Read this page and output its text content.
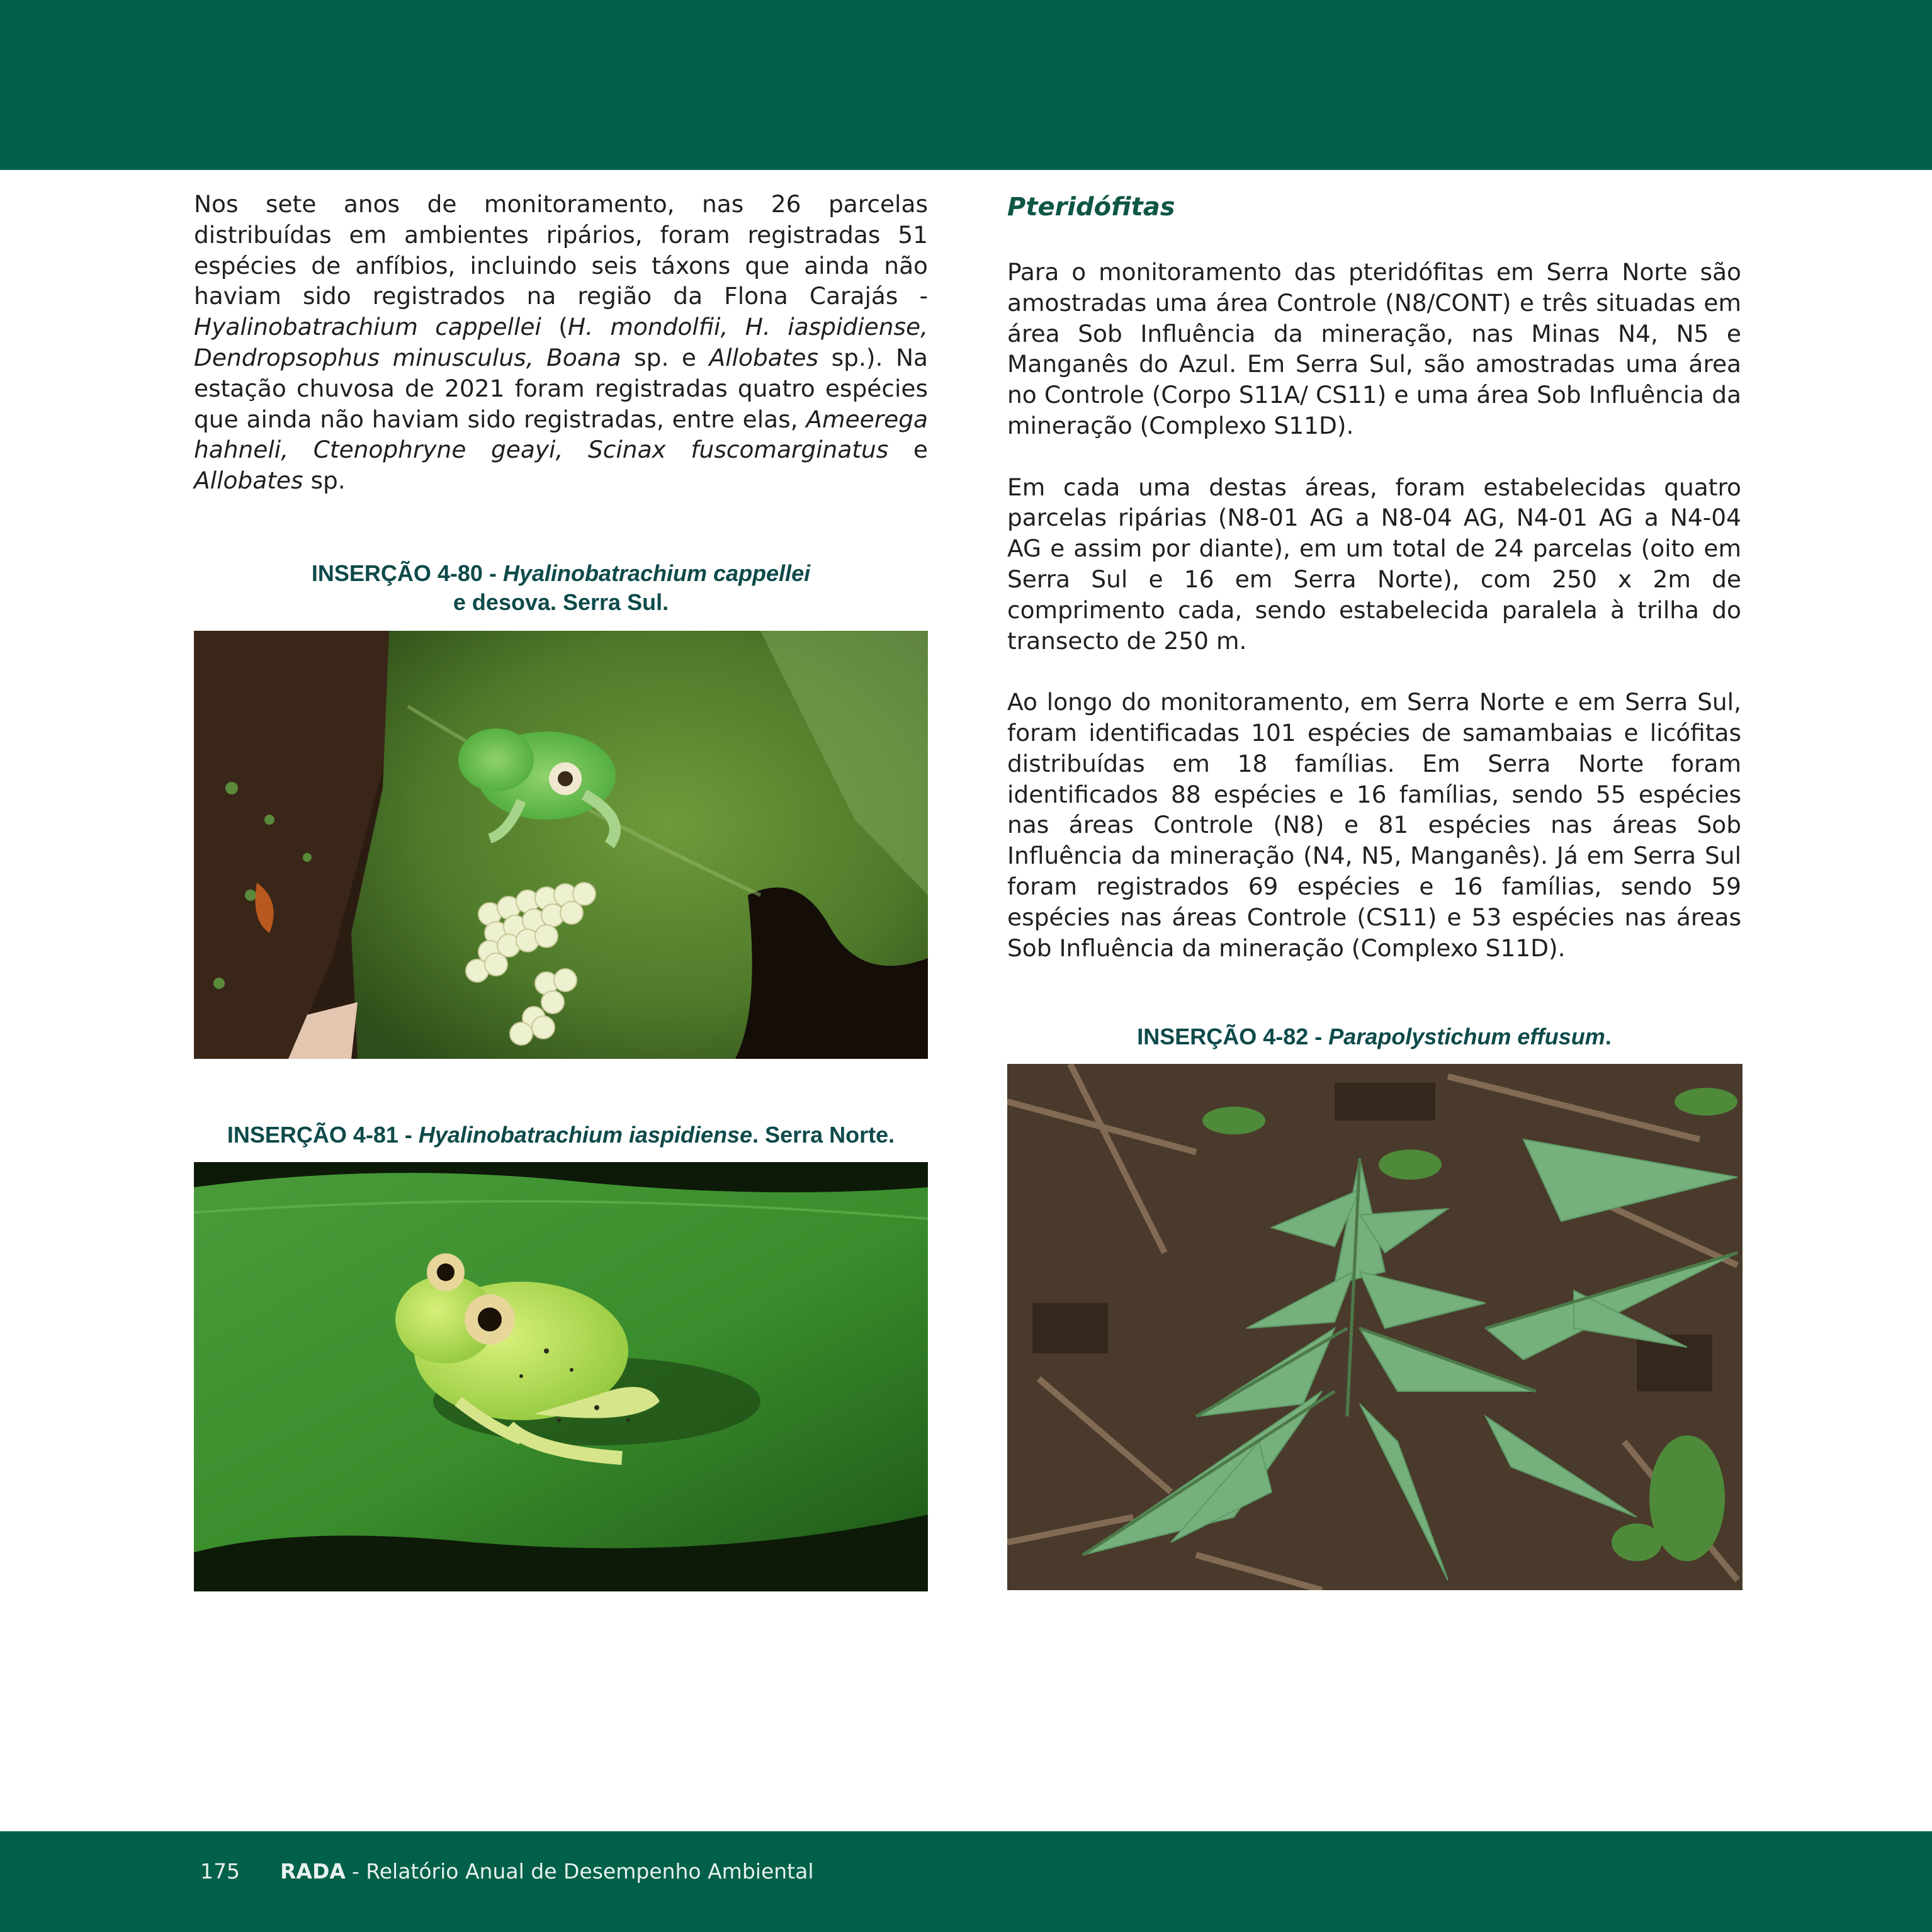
Nos sete anos de monitoramento, nas 26 parcelas distribuídas em ambientes ripários, foram registradas 51 espécies de anfíbios, incluindo seis táxons que ainda não haviam sido registrados na região da Flona Carajás - Hyalinobatrachium cappellei (H. mondolfii, H. iaspidiense, Dendropsophus minusculus, Boana sp. e Allobates sp.). Na estação chuvosa de 2021 foram registradas quatro espécies que ainda não haviam sido registradas, entre elas, Ameerega hahneli, Ctenophryne geayi, Scinax fuscomarginatus e Allobates sp.

INSERÇÃO 4-80 - Hyalinobatrachium cappellei
e desova. Serra Sul.
INSERÇÃO 4-81 - Hyalinobatrachium iaspidiense. Serra Norte.
Pteridófitas

Para o monitoramento das pteridófitas em Serra Norte são amostradas uma área Controle (N8/CONT) e três situadas em área Sob Influência da mineração, nas Minas N4, N5 e Manganês do Azul. Em Serra Sul, são amostradas uma área no Controle (Corpo S11A/ CS11) e uma área Sob Influência da mineração (Complexo S11D).

Em cada uma destas áreas, foram estabelecidas quatro parcelas ripárias (N8-01 AG a N8-04 AG, N4-01 AG a N4-04 AG e assim por diante), em um total de 24 parcelas (oito em Serra Sul e 16 em Serra Norte), com 250 x 2m de comprimento cada, sendo estabelecida paralela à trilha do transecto de 250 m.

Ao longo do monitoramento, em Serra Norte e em Serra Sul, foram identificadas 101 espécies de samambaias e licófitas distribuídas em 18 famílias. Em Serra Norte foram identificados 88 espécies e 16 famílias, sendo 55 espécies nas áreas Controle (N8) e 81 espécies nas áreas Sob Influência da mineração (N4, N5, Manganês). Já em Serra Sul foram registrados 69 espécies e 16 famílias, sendo 59 espécies nas áreas Controle (CS11) e 53 espécies nas áreas Sob Influência da mineração (Complexo S11D).

INSERÇÃO 4-82 - Parapolystichum effusum.
175 RADA - Relatório Anual de Desempenho Ambiental
